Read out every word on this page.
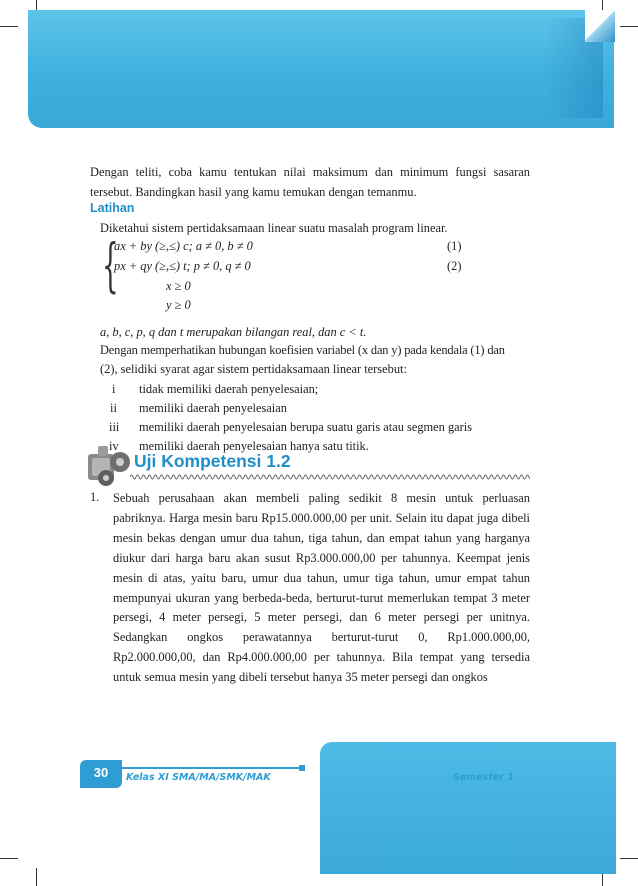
Dengan teliti, coba kamu tentukan nilai maksimum dan minimum fungsi sasaran tersebut. Bandingkan hasil yang kamu temukan dengan temanmu.
Latihan
Diketahui sistem pertidaksamaan linear suatu masalah program linear.
{
ax + by (≥,≤) c; a ≠ 0, b ≠ 0	(1)
px + qy (≥,≤) t; p ≠ 0, q ≠ 0	(2)
x ≥ 0
y ≥ 0
a, b, c, p, q dan t merupakan bilangan real, dan c < t.
Dengan memperhatikan hubungan koefisien variabel (x dan y) pada kendala (1) dan
(2), selidiki syarat agar sistem pertidaksamaan linear tersebut:
i tidak memiliki daerah penyelesaian;
ii memiliki daerah penyelesaian
iii memiliki daerah penyelesaian berupa suatu garis atau segmen garis
iv memiliki daerah penyelesaian hanya satu titik.
Uji Kompetensi 1.2
1. Sebuah perusahaan akan membeli paling sedikit 8 mesin untuk perluasan pabriknya. Harga mesin baru Rp15.000.000,00 per unit. Selain itu dapat juga dibeli mesin bekas dengan umur dua tahun, tiga tahun, dan empat tahun yang harganya diukur dari harga baru akan susut Rp3.000.000,00 per tahunnya. Keempat jenis mesin di atas, yaitu baru, umur dua tahun, umur tiga tahun, umur empat tahun mempunyai ukuran yang berbeda-beda, berturut-turut memerlukan tempat 3 meter persegi, 4 meter persegi, 5 meter persegi, dan 6 meter persegi per unitnya. Sedangkan ongkos perawatannya berturut-turut 0, Rp1.000.000,00, Rp2.000.000,00, dan Rp4.000.000,00 per tahunnya. Bila tempat yang tersedia untuk semua mesin yang dibeli tersebut hanya 35 meter persegi dan ongkos
30	Kelas XI SMA/MA/SMK/MAK	Semester 1
